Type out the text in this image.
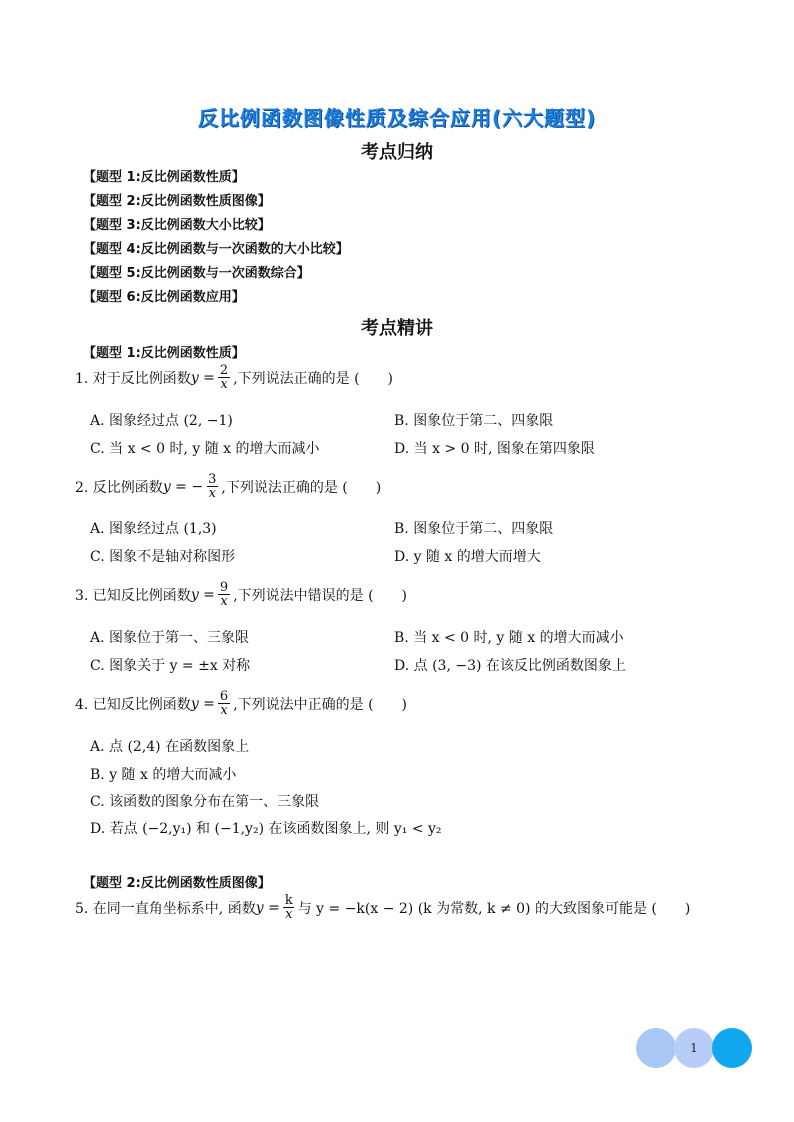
反比例函数图像性质及综合应用(六大题型)
考点归纳
【题型 1:反比例函数性质】
【题型 2:反比例函数性质图像】
【题型 3:反比例函数大小比较】
【题型 4:反比例函数与一次函数的大小比较】
【题型 5:反比例函数与一次函数综合】
【题型 6:反比例函数应用】
考点精讲
【题型 1:反比例函数性质】
1. 对于反比例函数 $y = \frac{2}{x}$ ,下列说法正确的是 (　　)
A. 图象经过点 (2, −1)	B. 图象位于第二、四象限
C. 当 x < 0 时, y 随 x 的增大而减小	D. 当 x > 0 时, 图象在第四象限
2. 反比例函数 y = − $\frac{3}{x}$ ,下列说法正确的是 (　　)
A. 图象经过点 (1,3)	B. 图象位于第二、四象限
C. 图象不是轴对称图形	D. y 随 x 的增大而增大
3. 已知反比例函数 $y = \frac{9}{x}$ ,下列说法中错误的是 (　　)
A. 图象位于第一、三象限	B. 当 x < 0 时, y 随 x 的增大而减小
C. 图象关于 y = ±x 对称	D. 点 (3, −3) 在该反比例函数图象上
4. 已知反比例函数 $y = \frac{6}{x}$ ,下列说法中正确的是 (　　)
A. 点 (2,4) 在函数图象上
B. y 随 x 的增大而减小
C. 该函数的图象分布在第一、三象限
D. 若点 (−2,y₁) 和 (−1,y₂) 在该函数图象上, 则 y₁ < y₂
【题型 2:反比例函数性质图像】
5. 在同一直角坐标系中, 函数 $y = \frac{k}{x}$ 与 y = −k(x − 2) (k 为常数, k ≠ 0) 的大致图象可能是 (　　)
1
